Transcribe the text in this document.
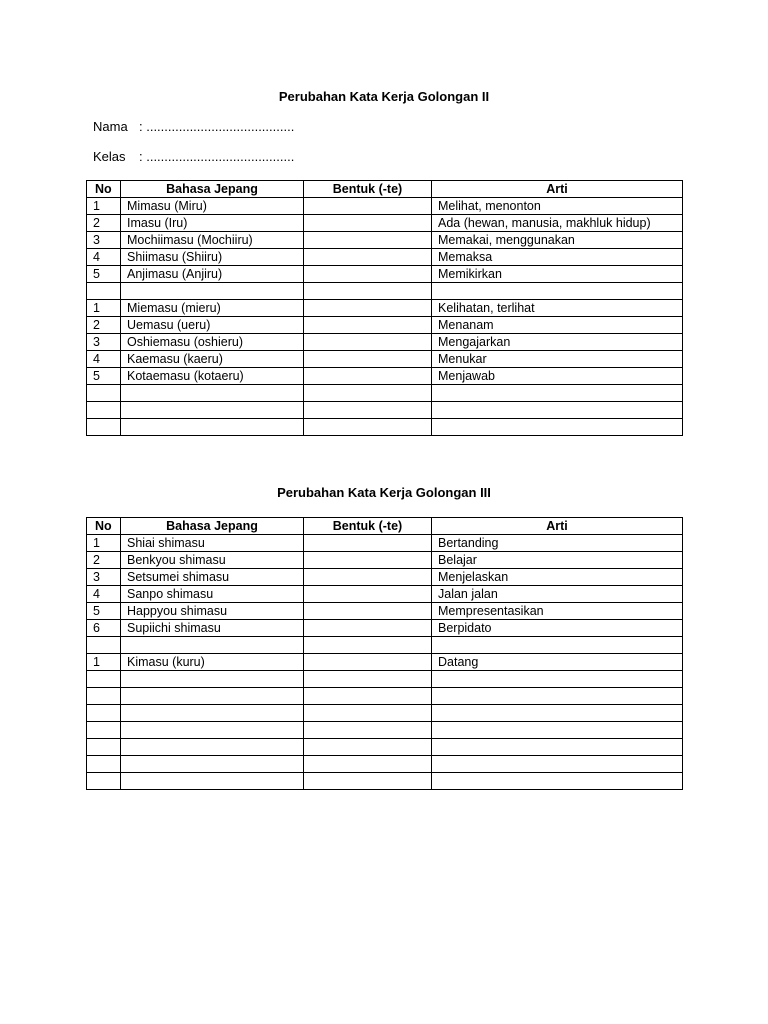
Perubahan Kata Kerja Golongan II
Nama : .........................................
Kelas : .........................................
No	Bahasa Jepang	Bentuk (-te)	Arti
1	Mimasu (Miru)		Melihat, menonton
2	Imasu (Iru)		Ada (hewan, manusia, makhluk hidup)
3	Mochiimasu (Mochiiru)		Memakai, menggunakan
4	Shiimasu (Shiiru)		Memaksa
5	Anjimasu (Anjiru)		Memikirkan

1	Miemasu (mieru)		Kelihatan, terlihat
2	Uemasu (ueru)		Menanam
3	Oshiemasu (oshieru)		Mengajarkan
4	Kaemasu (kaeru)		Menukar
5	Kotaemasu (kotaeru)		Menjawab

Perubahan Kata Kerja Golongan III
No	Bahasa Jepang	Bentuk (-te)	Arti
1	Shiai shimasu		Bertanding
2	Benkyou shimasu		Belajar
3	Setsumei shimasu		Menjelaskan
4	Sanpo shimasu		Jalan jalan
5	Happyou shimasu		Mempresentasikan
6	Supiichi shimasu		Berpidato

1	Kimasu (kuru)		Datang
